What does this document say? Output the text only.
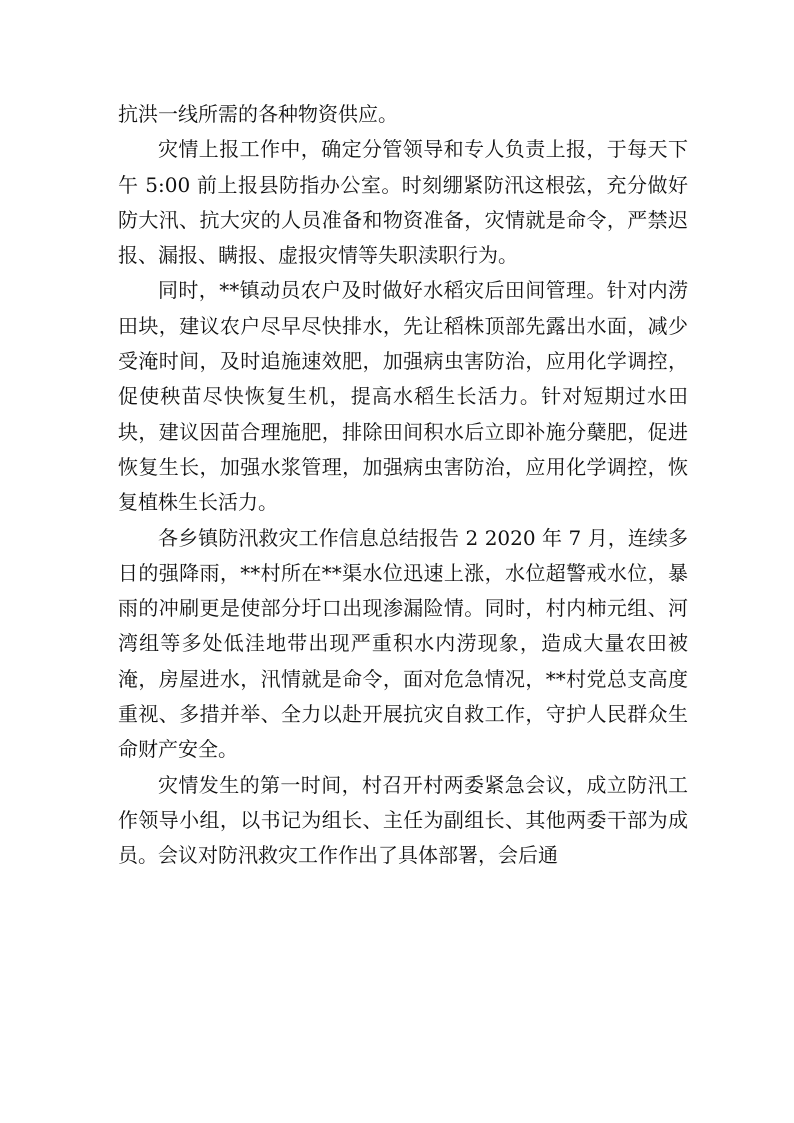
抗洪一线所需的各种物资供应。

灾情上报工作中，确定分管领导和专人负责上报，于每天下午 5:00 前上报县防指办公室。时刻绷紧防汛这根弦，充分做好防大汛、抗大灾的人员准备和物资准备，灾情就是命令，严禁迟报、漏报、瞒报、虚报灾情等失职渎职行为。

同时，**镇动员农户及时做好水稻灾后田间管理。针对内涝田块，建议农户尽早尽快排水，先让稻株顶部先露出水面，减少受淹时间，及时追施速效肥，加强病虫害防治，应用化学调控，促使秧苗尽快恢复生机，提高水稻生长活力。针对短期过水田块，建议因苗合理施肥，排除田间积水后立即补施分蘖肥，促进恢复生长，加强水浆管理，加强病虫害防治，应用化学调控，恢复植株生长活力。

各乡镇防汛救灾工作信息总结报告 2 2020 年 7 月，连续多日的强降雨，**村所在**渠水位迅速上涨，水位超警戒水位，暴雨的冲刷更是使部分圩口出现渗漏险情。同时，村内柿元组、河湾组等多处低洼地带出现严重积水内涝现象，造成大量农田被淹，房屋进水，汛情就是命令，面对危急情况，**村党总支高度重视、多措并举、全力以赴开展抗灾自救工作，守护人民群众生命财产安全。

灾情发生的第一时间，村召开村两委紧急会议，成立防汛工作领导小组，以书记为组长、主任为副组长、其他两委干部为成员。会议对防汛救灾工作作出了具体部署，会后通
